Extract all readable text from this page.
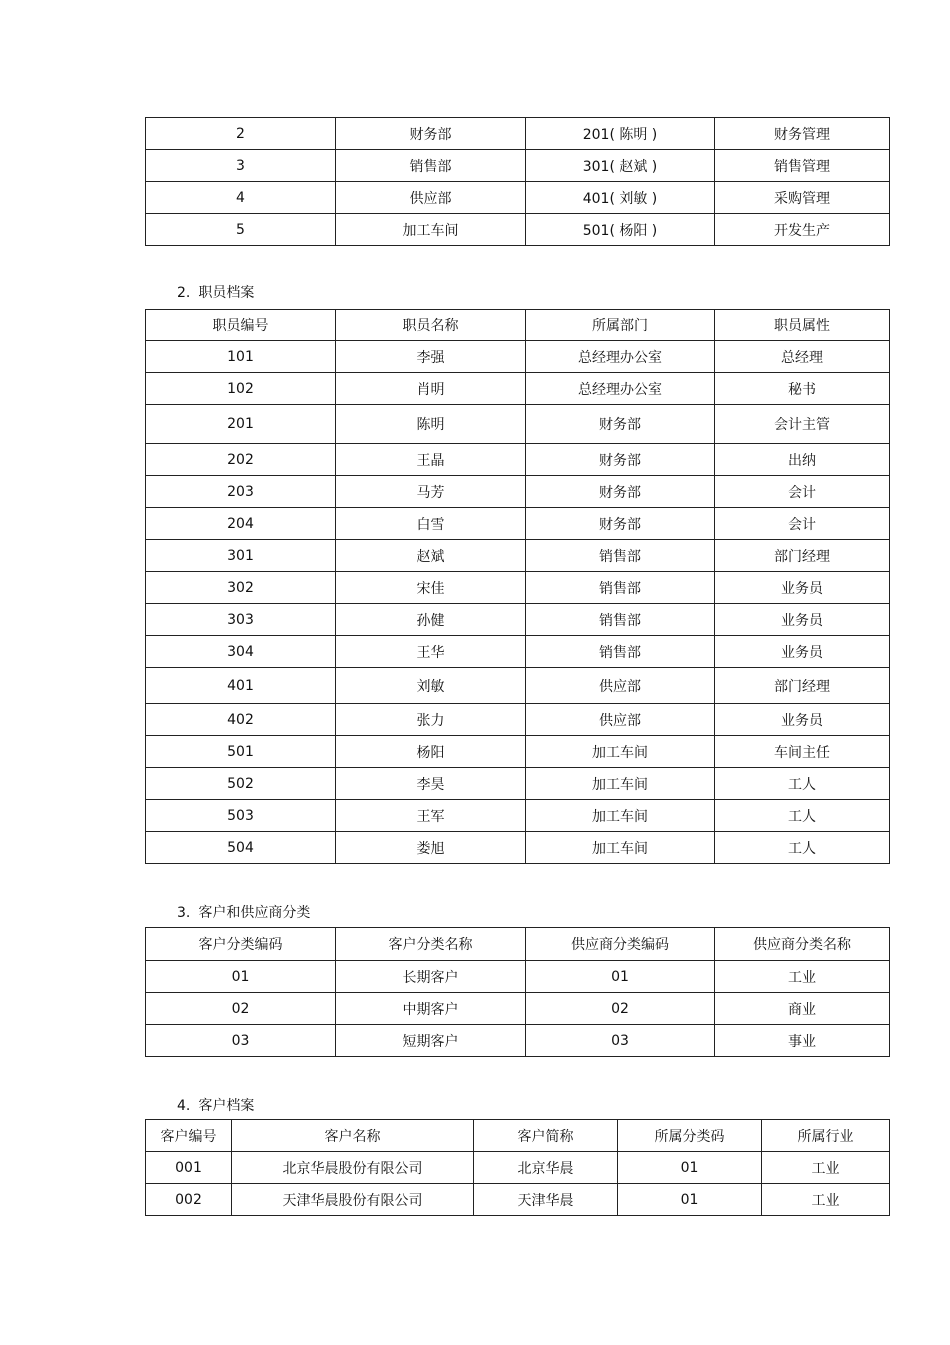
2	财务部	201( 陈明 )	财务管理
3	销售部	301( 赵斌 )	销售管理
4	供应部	401( 刘敏 )	采购管理
5	加工车间	501( 杨阳 )	开发生产
2. 职员档案
职员编号	职员名称	所属部门	职员属性
101	李强	总经理办公室	总经理
102	肖明	总经理办公室	秘书
201	陈明	财务部	会计主管
202	王晶	财务部	出纳
203	马芳	财务部	会计
204	白雪	财务部	会计
301	赵斌	销售部	部门经理
302	宋佳	销售部	业务员
303	孙健	销售部	业务员
304	王华	销售部	业务员
401	刘敏	供应部	部门经理
402	张力	供应部	业务员
501	杨阳	加工车间	车间主任
502	李昊	加工车间	工人
503	王军	加工车间	工人
504	娄旭	加工车间	工人
3. 客户和供应商分类
客户分类编码	客户分类名称	供应商分类编码	供应商分类名称
01	长期客户	01	工业
02	中期客户	02	商业
03	短期客户	03	事业
4. 客户档案
客户编号	客户名称	客户简称	所属分类码	所属行业
001	北京华晨股份有限公司	北京华晨	01	工业
002	天津华晨股份有限公司	天津华晨	01	工业
